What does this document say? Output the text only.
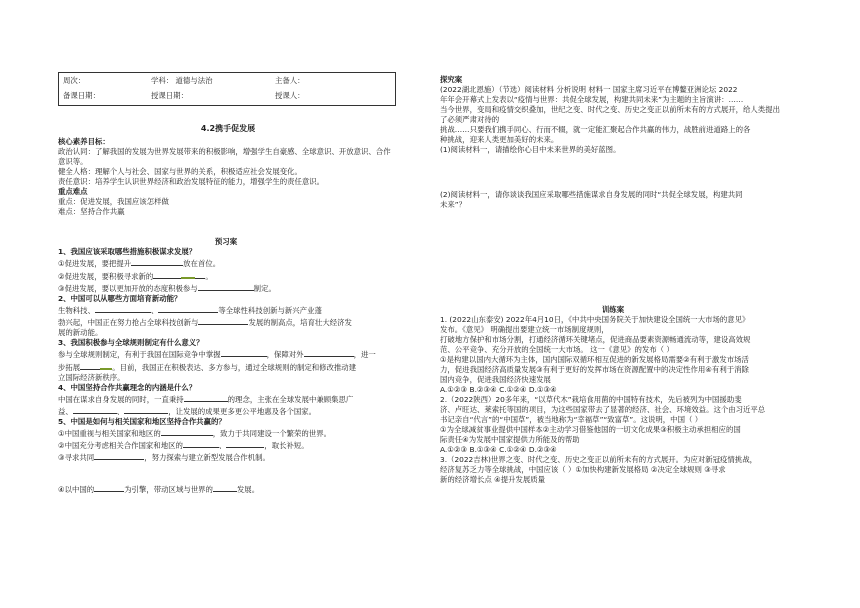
周次：	学科： 道德与法治	主备人：
备课日期：	授课日期：	授课人：
4.2携手促发展

核心素养目标：

政治认同：了解我国的发展为世界发展带来的积极影响，增强学生自豪感、全球意识、开放意识、合作意识等。

健全人格：理解个人与社会、国家与世界的关系，积极适应社会发展变化。

责任意识：培养学生认识世界经济和政治发展特征的能力，增强学生的责任意识。

重点难点

重点：促进发展，我国应该怎样做

难点：坚持合作共赢

预习案

1、我国应该采取哪些措施积极谋求发展？

①促进发展，要把提升	放在首位。

②促进发展，要积极寻求新的	。

③促进发展，要以更加开放的态度积极参与	制定。

2、中国可以从哪些方面培育新动能？

生物科技、	、	等全球性科技创新与新兴产业蓬

勃兴起，中国正在努力抢占全球科技创新与	发展的制高点，培育壮大经济发

展的新动能。

3、我国积极参与全球规则制定有什么意义？

参与全球规则制定，有利于我国在国际竞争中掌握	，保障对外	，进一

步拓展	。目前，我国正在积极表达、多方参与，通过全球规则的制定和修改推动建

立国际经济新秩序。

4、中国坚持合作共赢理念的内涵是什么？

中国在谋求自身发展的同时，一直秉持	的理念，主张在全球发展中兼顾集思广

益、	、	，让发展的成果更多更公平地惠及各个国家。

5、中国是如何与相关国家和地区坚持合作共赢的？

①中国重视与相关国家和地区的	，致力于共同建设一个繁荣的世界。

②中国充分考虑相关合作国家和地区的	、	，取长补短。

③寻求共同	，努力探索与建立新型发展合作机制。

④以中国的	为引擎，带动区域与世界的	发展。

探究案

(2022湖北恩施）（节选）阅读材料 分析说明 材料一 国家主席习近平在博鳌亚洲论坛 2022

年年会开幕式上发表以“疫情与世界：共促全球发展，构建共同未来”为主题的主旨演讲：……

当今世界，变局和疫情交织叠加，世纪之变、时代之变、历史之变正以前所未有的方式展开，给人类提出了必须严肃对待的

挑战……只要我们携手同心、行而不辍，就一定能汇聚起合作共赢的伟力，战胜前进道路上的各

种挑战，迎来人类更加美好的未来。

(1)阅读材料一，请描绘你心目中未来世界的美好蓝图。

(2)阅读材料一，请你谈谈我国应采取哪些措施谋求自身发展的同时“共促全球发展，构建共同

未来”？

训练案

1. (2022山东泰安) 2022年4月10日，《中共中央国务院关于加快建设全国统一大市场的意见》

发布。《意见》 明确提出要建立统一市场制度规则，

打破地方保护和市场分割，打通经济循环关键堵点，促进商品要素资源畅通流动等，建设高效规

范、公平竞争、充分开放的全国统一大市场。 这一《意见》的发布（ ）

①是构建以国内大循环为主体，国内国际双循环相互促进的新发展格局需要②有利于激发市场活

力，促进我国经济高质量发展③有利于更好的发挥市场在资源配置中的决定性作用④有利于消除

国内竞争，促进我国经济快速发展

A.①②③ B.②③④ C.①②④ D.①③④

2.（2022陕西）20多年来，“以草代木”栽培食用菌的中国特有技术，先后被列为中国援助斐

济、卢旺达、莱索托等国的项目，为这些国家带去了显著的经济、社会、环境效益。这个由习近平总

书记亲自“代言”的“中国草”，被当地称为“幸福草”“致富草”。这说明，中国（ ）

①为全球减贫事业提供中国样本②主动学习借鉴他国的一切文化成果③积极主动承担相应的国

际责任④为发展中国家提供力所能及的帮助

A.①②③ B.①③④ C.①②④ D.②③④

3.（2022吉林)世界之变、时代之变、历史之变正以前所未有的方式展开。为应对新冠疫情挑战，

经济复苏乏力等全球挑战，中国应该（ ）①加快构建新发展格局 ②决定全球规则 ③寻求

新的经济增长点 ④提升发展质量
